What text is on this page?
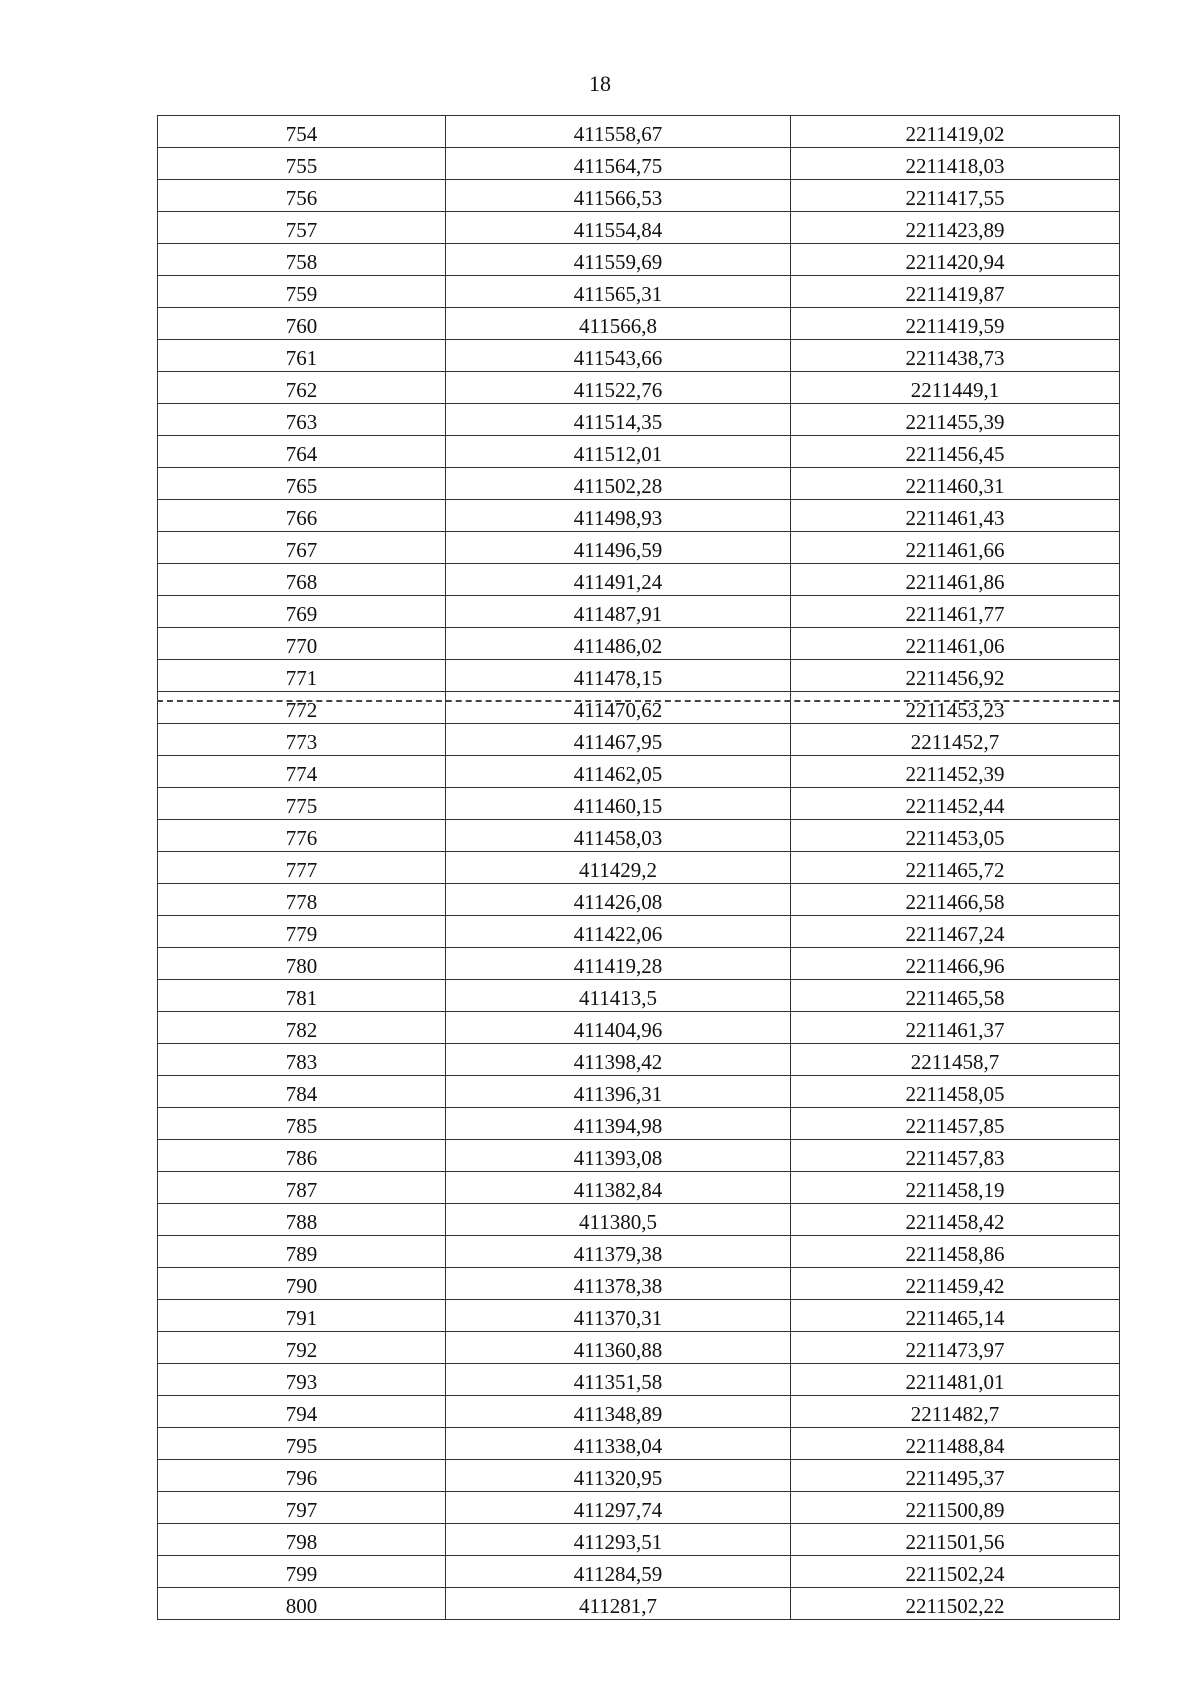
18
754	411558,67	2211419,02
755	411564,75	2211418,03
756	411566,53	2211417,55
757	411554,84	2211423,89
758	411559,69	2211420,94
759	411565,31	2211419,87
760	411566,8	2211419,59
761	411543,66	2211438,73
762	411522,76	2211449,1
763	411514,35	2211455,39
764	411512,01	2211456,45
765	411502,28	2211460,31
766	411498,93	2211461,43
767	411496,59	2211461,66
768	411491,24	2211461,86
769	411487,91	2211461,77
770	411486,02	2211461,06
771	411478,15	2211456,92
772	411470,62	2211453,23
773	411467,95	2211452,7
774	411462,05	2211452,39
775	411460,15	2211452,44
776	411458,03	2211453,05
777	411429,2	2211465,72
778	411426,08	2211466,58
779	411422,06	2211467,24
780	411419,28	2211466,96
781	411413,5	2211465,58
782	411404,96	2211461,37
783	411398,42	2211458,7
784	411396,31	2211458,05
785	411394,98	2211457,85
786	411393,08	2211457,83
787	411382,84	2211458,19
788	411380,5	2211458,42
789	411379,38	2211458,86
790	411378,38	2211459,42
791	411370,31	2211465,14
792	411360,88	2211473,97
793	411351,58	2211481,01
794	411348,89	2211482,7
795	411338,04	2211488,84
796	411320,95	2211495,37
797	411297,74	2211500,89
798	411293,51	2211501,56
799	411284,59	2211502,24
800	411281,7	2211502,22
